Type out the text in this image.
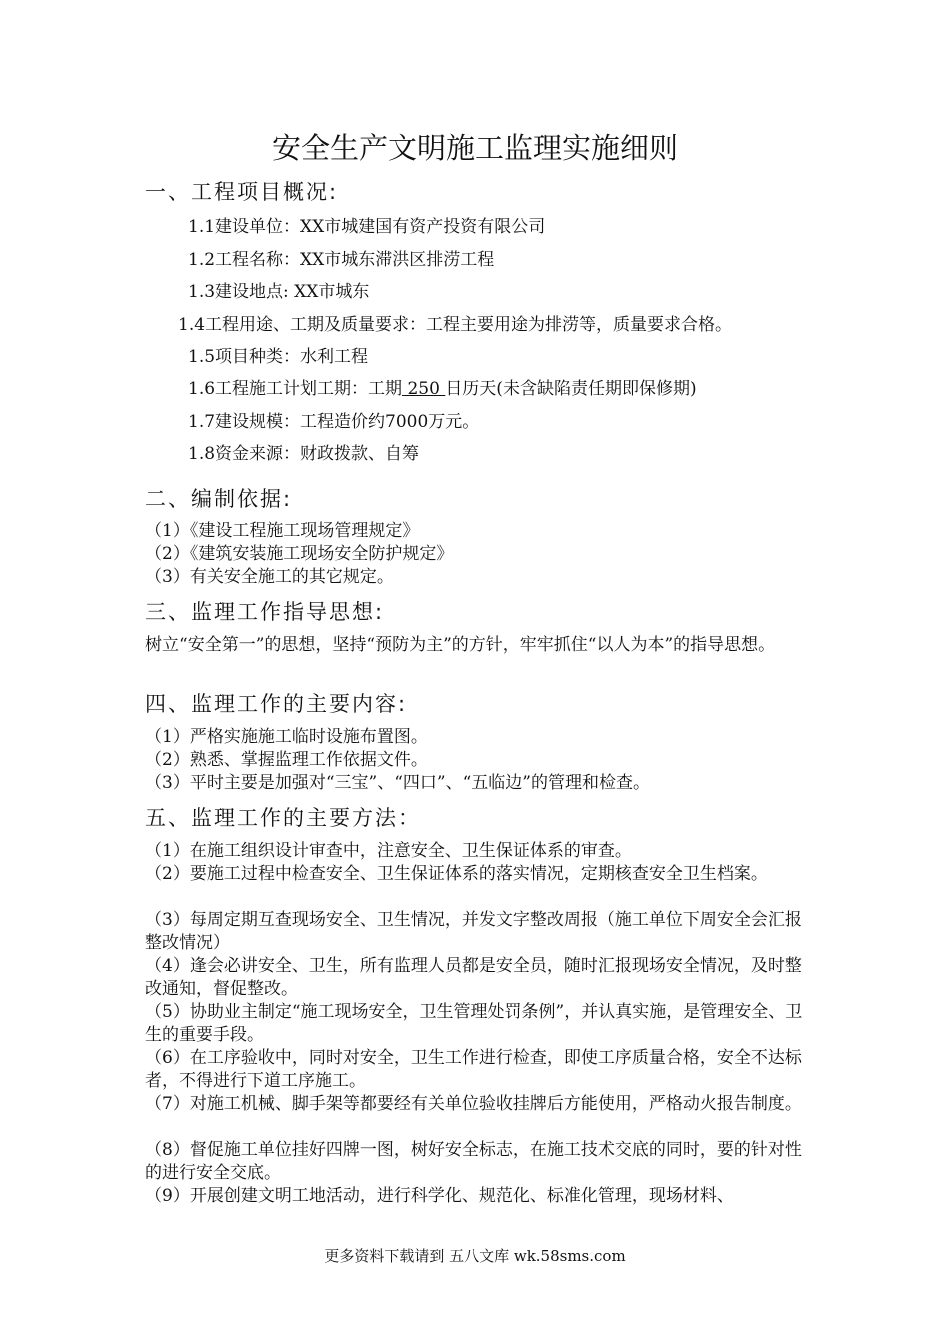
安全生产文明施工监理实施细则
一、工程项目概况:
1.1建设单位：XX市城建国有资产投资有限公司
1.2工程名称：XX市城东滞洪区排涝工程
1.3建设地点: XX市城东
1.4工程用途、工期及质量要求：工程主要用途为排涝等，质量要求合格。
1.5项目种类：水利工程
1.6工程施工计划工期：工期 250 日历天(未含缺陷责任期即保修期)
1.7建设规模：工程造价约7000万元。
1.8资金来源：财政拨款、自筹
二、编制依据:
（1）《建设工程施工现场管理规定》
（2）《建筑安装施工现场安全防护规定》
（3）有关安全施工的其它规定。
三、监理工作指导思想:
树立“安全第一”的思想，坚持“预防为主”的方针，牢牢抓住“以人为本”的指导思想。
四、监理工作的主要内容:
（1）严格实施施工临时设施布置图。
（2）熟悉、掌握监理工作依据文件。
（3）平时主要是加强对“三宝”、“四口”、“五临边”的管理和检查。
五、监理工作的主要方法：
（1）在施工组织设计审查中，注意安全、卫生保证体系的审查。
（2）要施工过程中检查安全、卫生保证体系的落实情况，定期核查安全卫生档案。
（3）每周定期互查现场安全、卫生情况，并发文字整改周报（施工单位下周安全会汇报整改情况）
（4）逢会必讲安全、卫生，所有监理人员都是安全员，随时汇报现场安全情况，及时整改通知，督促整改。
（5）协助业主制定“施工现场安全，卫生管理处罚条例”，并认真实施，是管理安全、卫生的重要手段。
（6）在工序验收中，同时对安全，卫生工作进行检查，即使工序质量合格，安全不达标者，不得进行下道工序施工。
（7）对施工机械、脚手架等都要经有关单位验收挂牌后方能使用，严格动火报告制度。
（8）督促施工单位挂好四牌一图，树好安全标志，在施工技术交底的同时，要的针对性的进行安全交底。
（9）开展创建文明工地活动，进行科学化、规范化、标准化管理，现场材料、
更多资料下载请到 五八文库 wk.58sms.com
